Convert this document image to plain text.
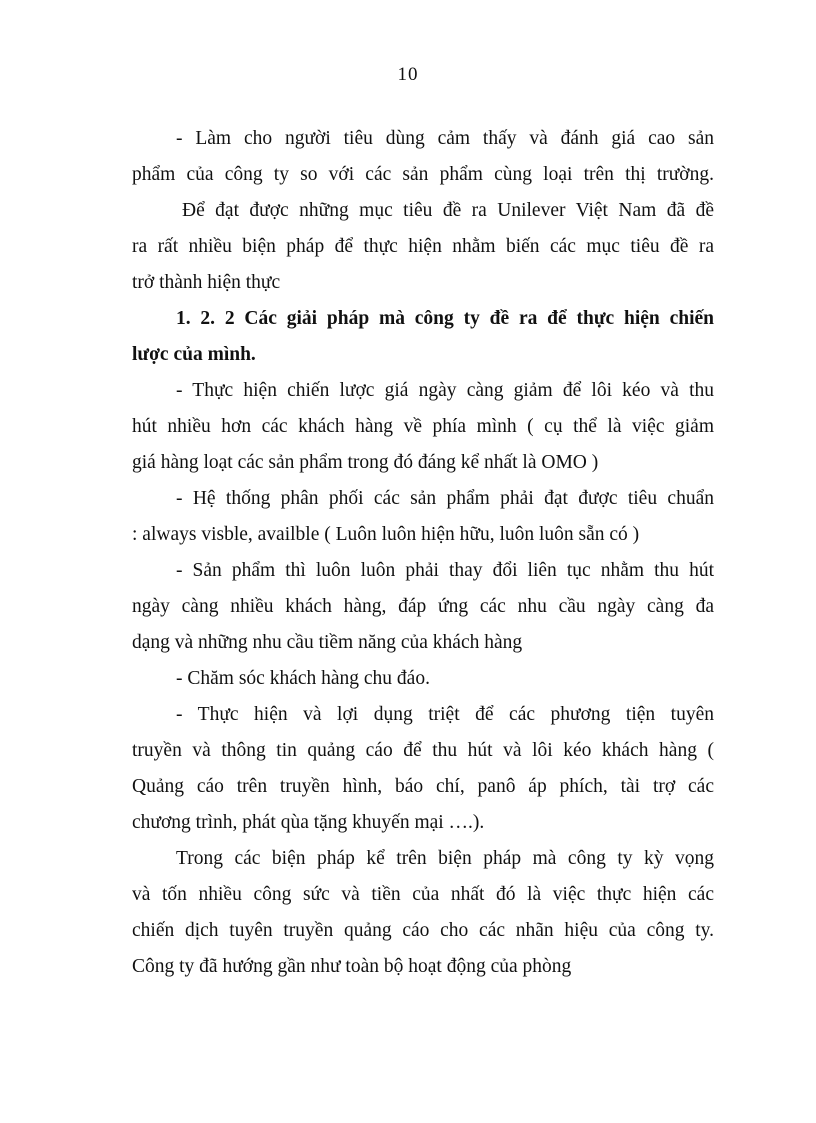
10
- Làm cho người tiêu dùng cảm thấy và đánh giá cao sản
phẩm của công ty so với các sản phẩm cùng loại trên thị trường.
Để đạt được những mục tiêu đề ra Unilever Việt Nam đã đề
ra rất nhiều biện pháp để thực hiện nhằm biến các mục tiêu đề ra
trở thành hiện thực
1. 2. 2 Các giải pháp mà công ty đề ra để thực hiện chiến
lược của mình.
- Thực hiện chiến lược giá ngày càng giảm để lôi kéo và thu
hút nhiều hơn các khách hàng về phía mình ( cụ thể là việc giảm
giá hàng loạt các sản phẩm trong đó đáng kể nhất là OMO )
- Hệ thống phân phối các sản phẩm phải đạt được tiêu chuẩn
: always visble, availble ( Luôn luôn hiện hữu, luôn luôn sẵn có )
- Sản phẩm thì luôn luôn phải thay đổi liên tục nhằm thu hút
ngày càng nhiều khách hàng, đáp ứng các nhu cầu ngày càng đa
dạng và những nhu cầu tiềm năng của khách hàng
- Chăm sóc khách hàng chu đáo.
- Thực hiện và lợi dụng triệt để các phương tiện tuyên
truyền và thông tin quảng cáo để thu hút và lôi kéo khách hàng (
Quảng cáo trên truyền hình, báo chí, panô áp phích, tài trợ các
chương trình, phát qùa tặng khuyến mại ….).
Trong các biện pháp kể trên biện pháp mà công ty kỳ vọng
và tốn nhiều công sức và tiền của nhất đó là việc thực hiện các
chiến dịch tuyên truyền quảng cáo cho các nhãn hiệu của công ty.
Công ty đã hướng gần như toàn bộ hoạt động của phòng
